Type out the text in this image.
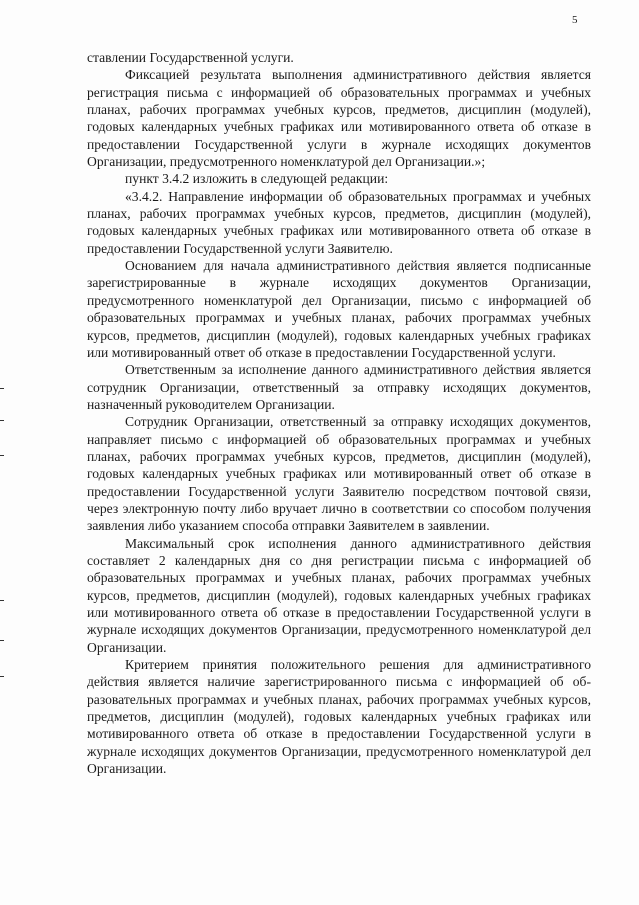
5

ставлении Государственной услуги.

Фиксацией результата выполнения административного действия является регистрация письма с информацией об образовательных программах и учебных планах, рабочих программах учебных курсов, предметов, дисциплин (модулей), годовых календарных учебных графиках или мотивированного ответа об отказе в предоставлении Государственной услуги в журнале исходящих документов Организации, предусмотренного номенклатурой дел Организации.»;

пункт 3.4.2 изложить в следующей редакции:

«3.4.2. Направление информации об образовательных программах и учебных планах, рабочих программах учебных курсов, предметов, дисциплин (модулей), годовых календарных учебных графиках или мотивированного ответа об отказе в предоставлении Государственной услуги Заявителю.

Основанием для начала административного действия является подписанные зарегистрированные в журнале исходящих документов Организации, предусмотренного номенклатурой дел Организации, письмо с информацией об образовательных программах и учебных планах, рабочих программах учебных курсов, предметов, дисциплин (модулей), годовых календарных учебных графиках или мотивированный ответ об отказе в предоставлении Государственной услуги.

Ответственным за исполнение данного административного действия является сотрудник Организации, ответственный за отправку исходящих документов, назначенный руководителем Организации.

Сотрудник Организации, ответственный за отправку исходящих документов, направляет письмо с информацией об образовательных программах и учебных планах, рабочих программах учебных курсов, предметов, дисциплин (модулей), годовых календарных учебных графиках или мотивированный ответ об отказе в предоставлении Государственной услуги Заявителю посредством почтовой связи, через электронную почту либо вручает лично в соответствии со способом получения заявления либо указанием способа отправки Заявителем в заявлении.

Максимальный срок исполнения данного административного действия составляет 2 календарных дня со дня регистрации письма с информацией об образовательных программах и учебных планах, рабочих программах учебных курсов, предметов, дисциплин (модулей), годовых календарных учебных графиках или мотивированного ответа об отказе в предоставлении Государственной услуги в журнале исходящих документов Организации, предусмотренного номенклатурой дел Организации.

Критерием принятия положительного решения для административного действия является наличие зарегистрированного письма с информацией об образовательных программах и учебных планах, рабочих программах учебных курсов, предметов, дисциплин (модулей), годовых календарных учебных графиках или мотивированного ответа об отказе в предоставлении Государственной услуги в журнале исходящих документов Организации, предусмотренного номенклатурой дел Организации.
